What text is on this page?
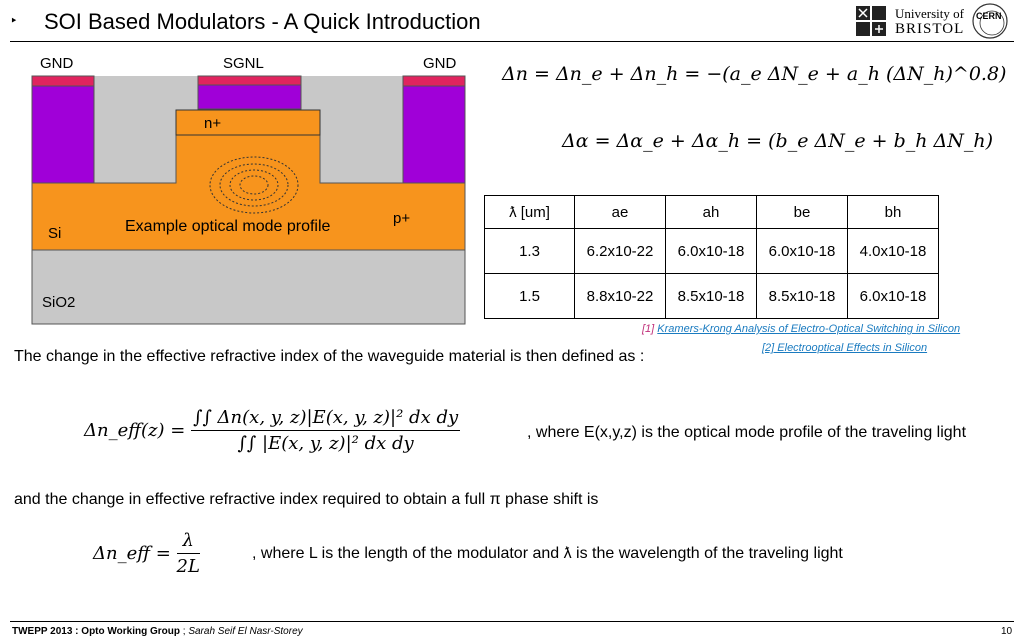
‣ SOI Based Modulators - A Quick Introduction	University of
BRISTOL
CERN
GND	SGNL	GND
n+
Si	Example optical mode profile	p+
SiO2
Δn = Δn_e + Δn_h = −(a_e ΔN_e + a_h (ΔN_h)^0.8)
Δα = Δα_e + Δα_h = (b_e ΔN_e + b_h ΔN_h)
ƛ [um]	ae	ah	be	bh
1.3	6.2x10-22	6.0x10-18	6.0x10-18	4.0x10-18
1.5	8.8x10-22	8.5x10-18	8.5x10-18	6.0x10-18
[1] Kramers-Krong Analysis of Electro-Optical Switching in Silicon
[2] Electrooptical Effects in Silicon
The change in the effective refractive index of the waveguide material is then defined as :
Δn_eff(z) = $\frac{\text{∫∫ Δn(x, y, z)|E(x, y, z)|² dx dy}}{\text{∫∫ |E(x, y, z)|² dx dy}}$	, where E(x,y,z) is the optical mode profile of the traveling light
and the change in effective refractive index required to obtain a full π phase shift is
Δn_eff = $\frac{\lambda}{2L}$	, where L is the length of the modulator and ƛ is the wavelength of the traveling light
TWEPP 2013 : Opto Working Group ; Sarah Seif El Nasr-Storey	10
